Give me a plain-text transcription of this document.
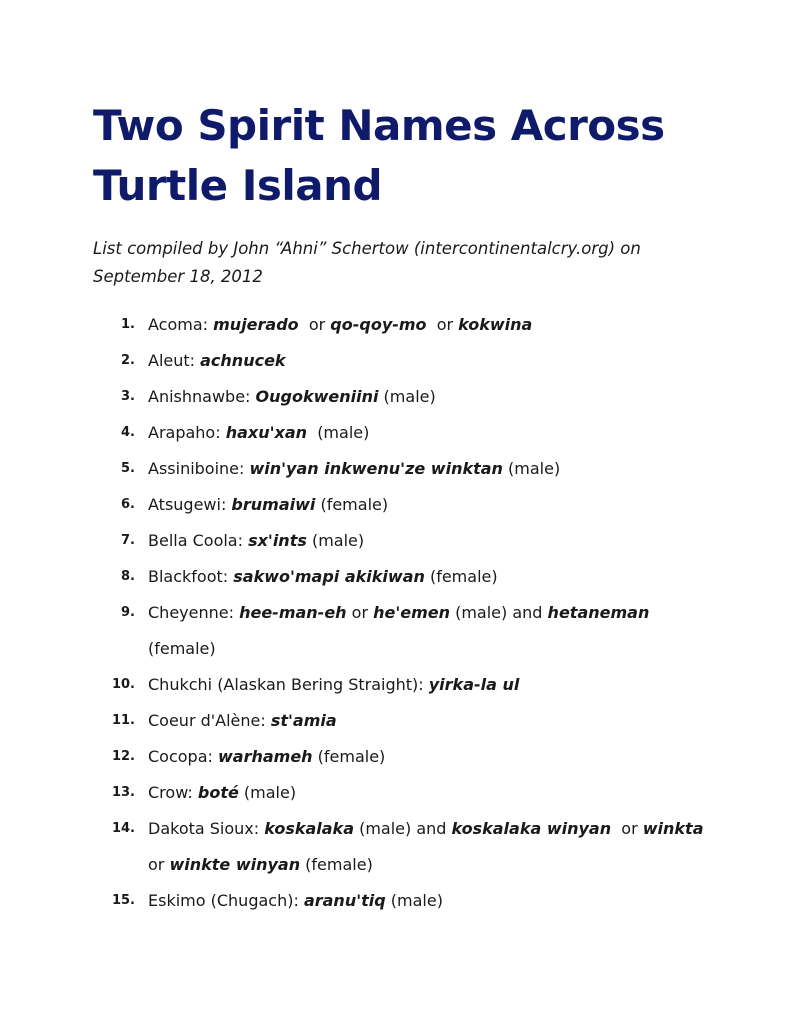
Two Spirit Names Across Turtle Island

List compiled by John “Ahni” Schertow (intercontinentalcry.org) on September 18, 2012

1. Acoma: mujerado  or qo-qoy-mo  or kokwina
2. Aleut: achnucek
3. Anishnawbe: Ougokweniini (male)
4. Arapaho: haxu'xan  (male)
5. Assiniboine: win'yan inkwenu'ze winktan (male)
6. Atsugewi: brumaiwi (female)
7. Bella Coola: sx'ints (male)
8. Blackfoot: sakwo'mapi akikiwan (female)
9. Cheyenne: hee-man-eh or he'emen (male) and hetaneman (female)
10. Chukchi (Alaskan Bering Straight): yirka-la ul
11. Coeur d'Alène: st'amia
12. Cocopa: warhameh (female)
13. Crow: boté (male)
14. Dakota Sioux: koskalaka (male) and koskalaka winyan  or winkta or winkte winyan (female)
15. Eskimo (Chugach): aranu'tiq (male)
